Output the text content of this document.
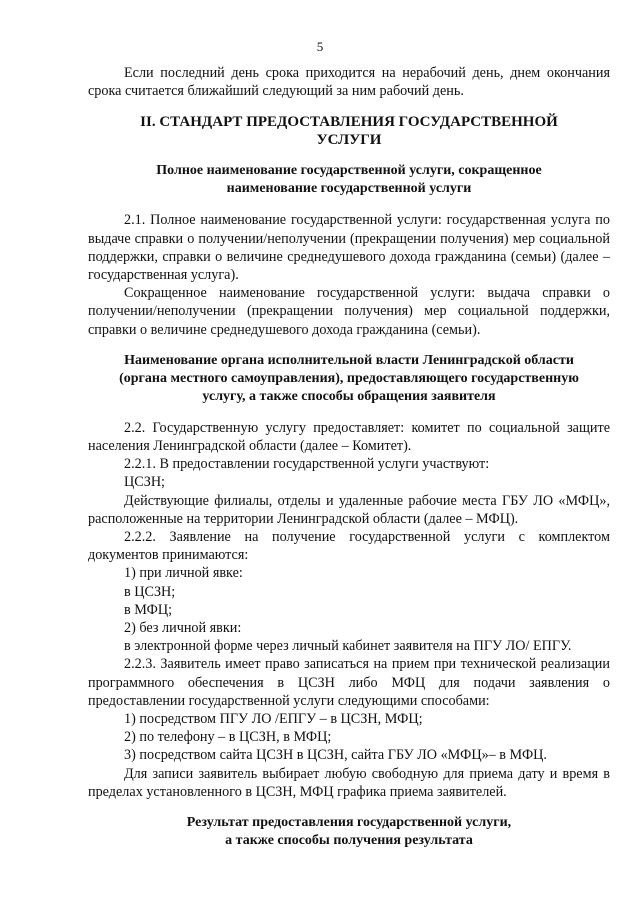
5

Если последний день срока приходится на нерабочий день, днем окончания срока считается ближайший следующий за ним рабочий день.

II. СТАНДАРТ ПРЕДОСТАВЛЕНИЯ ГОСУДАРСТВЕННОЙ
УСЛУГИ
Полное наименование государственной услуги, сокращенное
наименование государственной услуги

2.1. Полное наименование государственной услуги: государственная услуга по выдаче справки о получении/неполучении (прекращении получения) мер социальной поддержки, справки о величине среднедушевого дохода гражданина (семьи) (далее – государственная услуга).

Сокращенное наименование государственной услуги: выдача справки о получении/неполучении (прекращении получения) мер социальной поддержки, справки о величине среднедушевого дохода гражданина (семьи).

Наименование органа исполнительной власти Ленинградской области
(органа местного самоуправления), предоставляющего государственную
услугу, а также способы обращения заявителя

2.2. Государственную услугу предоставляет: комитет по социальной защите населения Ленинградской области (далее – Комитет).

2.2.1. В предоставлении государственной услуги участвуют:

ЦСЗН;

Действующие филиалы, отделы и удаленные рабочие места ГБУ ЛО «МФЦ», расположенные на территории Ленинградской области (далее – МФЦ).

2.2.2. Заявление на получение государственной услуги с комплектом документов принимаются:

1) при личной явке:

в ЦСЗН;

в МФЦ;

2) без личной явки:

в электронной форме через личный кабинет заявителя на ПГУ ЛО/ ЕПГУ.

2.2.3. Заявитель имеет право записаться на прием при технической реализации программного обеспечения в ЦСЗН либо МФЦ для подачи заявления о предоставлении государственной услуги следующими способами:

1) посредством ПГУ ЛО /ЕПГУ – в ЦСЗН, МФЦ;

2) по телефону – в ЦСЗН, в МФЦ;

3) посредством сайта ЦСЗН в ЦСЗН, сайта ГБУ ЛО «МФЦ»– в МФЦ.

Для записи заявитель выбирает любую свободную для приема дату и время в пределах установленного в ЦСЗН, МФЦ графика приема заявителей.

Результат предоставления государственной услуги,
а также способы получения результата
